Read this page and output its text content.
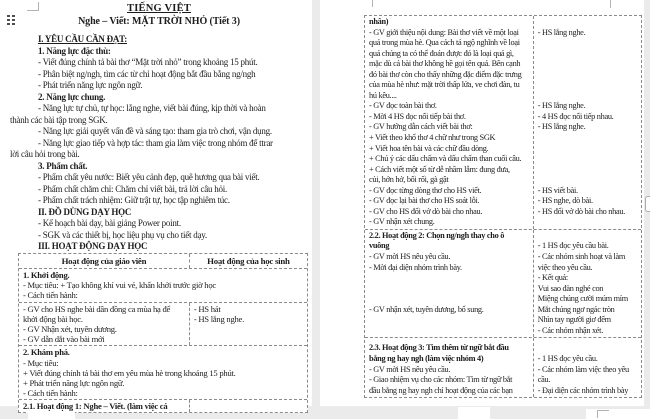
TIẾNG VIỆT
Nghe – Viết: MẶT TRỜI NHỎ (Tiết 3)
I. YÊU CẦU CẦN ĐẠT:
1. Năng lực đặc thù:
- Viết đúng chính tả bài thơ “Mặt trời nhỏ” trong khoảng 15 phút.
- Phân biệt ng/ngh, tìm các từ chỉ hoạt động bắt đầu bằng ng/ngh
- Phát triển năng lực ngôn ngữ.
2. Năng lực chung.
- Năng lực tự chủ, tự học: lắng nghe, viết bài đúng, kịp thời và hoàn
thành các bài tập trong SGK.
- Năng lực giải quyết vấn đề và sáng tạo: tham gia trò chơi, vận dụng.
- Năng lực giao tiếp và hợp tác: tham gia làm việc trong nhóm để ttrar
lời câu hỏi trong bài.
3. Phẩm chất.
- Phẩm chất yêu nước: Biết yêu cảnh đẹp, quê hương qua bài viết.
- Phẩm chất chăm chỉ: Chăm chỉ viết bài, trả lời câu hỏi.
- Phẩm chất trách nhiệm: Giữ trật tự, học tập nghiêm túc.
II. ĐỒ DÙNG DẠY HỌC
- Kế hoạch bài dạy, bài giảng Power point.
- SGK và các thiết bị, học liệu phụ vụ cho tiết dạy.
III. HOẠT ĐỘNG DẠY HỌC
Hoạt động của giáo viên	Hoạt động của học sinh
1. Khởi động.
- Mục tiêu: + Tạo không khí vui vẻ, khấn khởi trước giờ học
- Cách tiến hành:
- GV cho HS nghe bài dân đồng ca mùa hạ để
khởi động bài học.
- GV Nhận xét, tuyên dương.
- GV dẫn dắt vào bài mới
- HS hát
- HS lắng nghe.
2. Khám phá.
- Mục tiêu:
+ Viết đúng chính tả bài thơ em yêu mùa hè trong khoảng 15 phút.
+ Phát triển năng lực ngôn ngữ.
- Cách tiến hành:
2.1. Hoạt động 1: Nghe – Viết. (làm việc cá
nhân)
- GV giới thiệu nội dung: Bài thơ viết về một loại
quả trong mùa hè. Qua cách tả ngộ nghĩnh về loại
quả chúng ta có thể đoán được đó là loại quả gì,
mặc dù cả bài thơ không hề gọi tên quả. Bên cạnh
đó bài thơ còn cho thấy những đặc điểm đặc trưng
của mùa hè như: mặt trời thấp lửa, ve chơi đàn, tu
hú kêu....
- GV đọc toàn bài thơ.
- Mời 4 HS đọc nối tiếp bài thơ.
- GV hướng dẫn cách viết bài thơ:
+ Viết theo khổ thơ 4 chữ như trong SGK
+ Viết hoa tên bài và các chữ đầu dòng.
+ Chú ý các dấu chấm và dấu chấm than cuối câu.
+ Cách viết một số từ dễ nhầm lẫm: đung đưa,
củi, hớn hở, bối rối, gà gật
- GV đọc từng dòng thơ cho HS viết.
- GV đọc lại bài thơ cho HS soát lỗi.
- GV cho HS đổi vở dò bài cho nhau.
- GV nhận xét chung.
- HS lắng nghe.
- HS lắng nghe.
- 4 HS đọc nối tiếp nhau.
- HS lắng nghe.
- HS viết bài.
- HS nghe, dò bài.
- HS đổi vở dò bài cho nhau.
2.2. Hoạt động 2: Chọn ng/ngh thay cho ô
vuông
- GV mời HS nêu yêu cầu.
- Mời đại diện nhóm trình bày.
- GV nhận xét, tuyên dương, bổ sung.
- 1 HS đọc yêu cầu bài.
- Các nhóm sinh hoạt và làm
việc theo yêu cầu.
- Kết quả:
Vui sao đàn nghé con
Miệng chúng cười múm mím
Mắt chúng ngơ ngác tròn
Nhìn tay người giơ đếm
- Các nhóm nhận xét.
2.3. Hoạt động 3: Tìm thêm từ ngữ bắt đầu
bằng ng hay ngh (làm việc nhóm 4)
- GV mời HS nêu yêu cầu.
- Giao nhiệm vụ cho các nhóm: Tìm từ ngữ bắt
đầu bằng ng hay ngh chỉ hoạt động của các bạn
- 1 HS đọc yêu cầu.
- Các nhóm làm việc theo yêu
cầu.
- Đại diện các nhóm trình bày
